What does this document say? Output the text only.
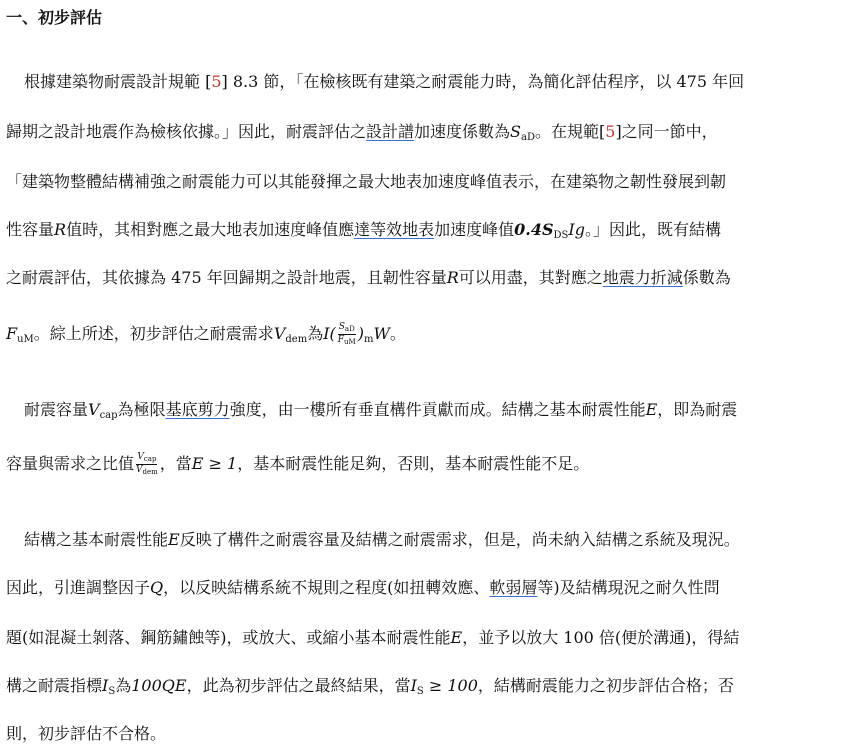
一、初步評估
根據建築物耐震設計規範 [5] 8.3 節，「在檢核既有建築之耐震能力時，為簡化評估程序，以 475 年回
歸期之設計地震作為檢核依據。」因此，耐震評估之設計譜加速度係數為$S_{aD}$。在規範[5]之同一節中，
「建築物整體結構補強之耐震能力可以其能發揮之最大地表加速度峰值表示，在建築物之韌性發展到韌
性容量R值時，其相對應之最大地表加速度峰值應達等效地表加速度峰值$0.4S_{DS}Ig$。」因此，既有結構
之耐震評估，其依據為 475 年回歸期之設計地震，且韌性容量R可以用盡，其對應之地震力折減係數為
$F_{uM}$。綜上所述，初步評估之耐震需求$V_{dem}$為$I( \frac{S_{aD}}{F_{uM}} )_mW$。
耐震容量$V_{cap}$為極限基底剪力強度，由一樓所有垂直構件貢獻而成。結構之基本耐震性能E，即為耐震
容量與需求之比值 $\frac{V_{cap}}{V_{dem}}$ ，當E ≥ 1，基本耐震性能足夠，否則，基本耐震性能不足。
結構之基本耐震性能E反映了構件之耐震容量及結構之耐震需求，但是，尚未納入結構之系統及現況。
因此，引進調整因子Q，以反映結構系統不規則之程度(如扭轉效應、軟弱層等)及結構現況之耐久性問
題(如混凝土剝落、鋼筋鏽蝕等)，或放大、或縮小基本耐震性能E，並予以放大 100 倍(便於溝通)，得結
構之耐震指標$I_S$為100QE，此為初步評估之最終結果，當$I_S \ge 100$，結構耐震能力之初步評估合格；否
則，初步評估不合格。
